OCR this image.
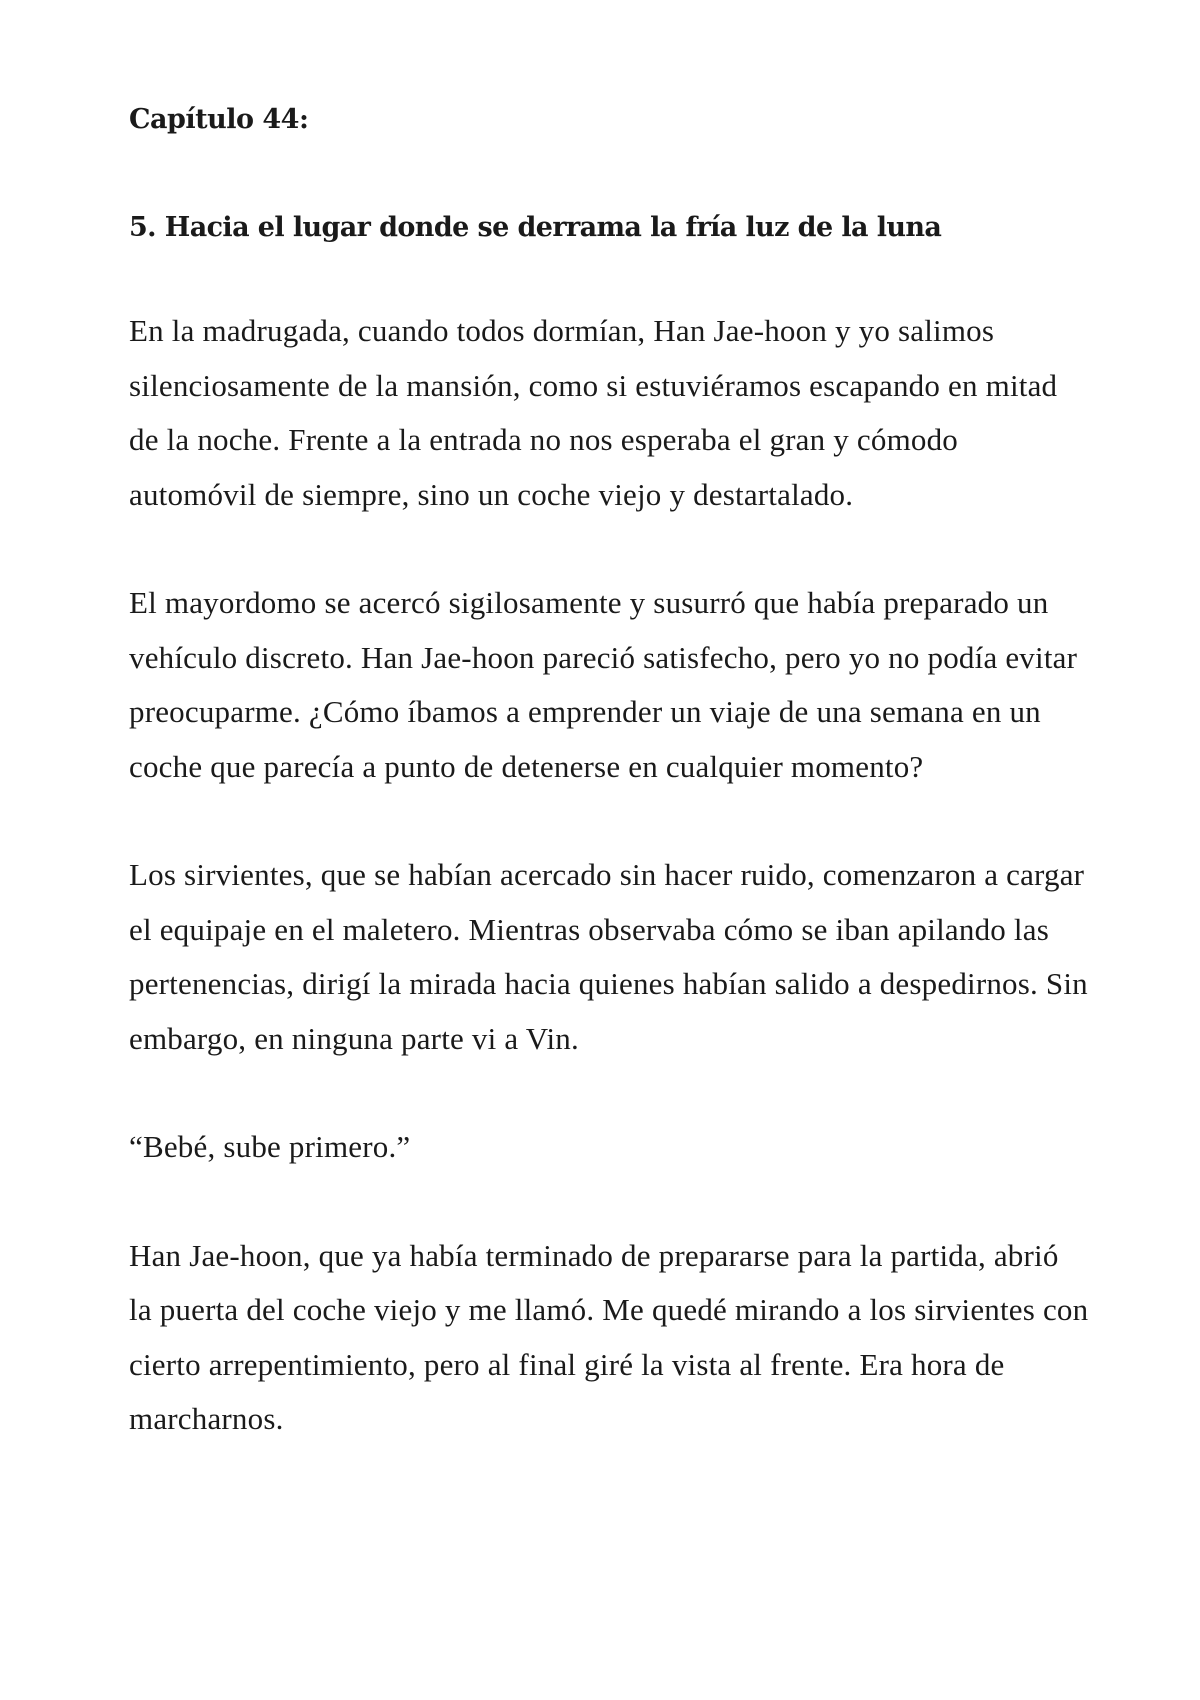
Capítulo 44:
5. Hacia el lugar donde se derrama la fría luz de la luna

En la madrugada, cuando todos dormían, Han Jae-hoon y yo salimos silenciosamente de la mansión, como si estuviéramos escapando en mitad de la noche. Frente a la entrada no nos esperaba el gran y cómodo automóvil de siempre, sino un coche viejo y destartalado.

El mayordomo se acercó sigilosamente y susurró que había preparado un vehículo discreto. Han Jae-hoon pareció satisfecho, pero yo no podía evitar preocuparme. ¿Cómo íbamos a emprender un viaje de una semana en un coche que parecía a punto de detenerse en cualquier momento?

Los sirvientes, que se habían acercado sin hacer ruido, comenzaron a cargar el equipaje en el maletero. Mientras observaba cómo se iban apilando las pertenencias, dirigí la mirada hacia quienes habían salido a despedirnos. Sin embargo, en ninguna parte vi a Vin.

“Bebé, sube primero.”

Han Jae-hoon, que ya había terminado de prepararse para la partida, abrió la puerta del coche viejo y me llamó. Me quedé mirando a los sirvientes con cierto arrepentimiento, pero al final giré la vista al frente. Era hora de marcharnos.
